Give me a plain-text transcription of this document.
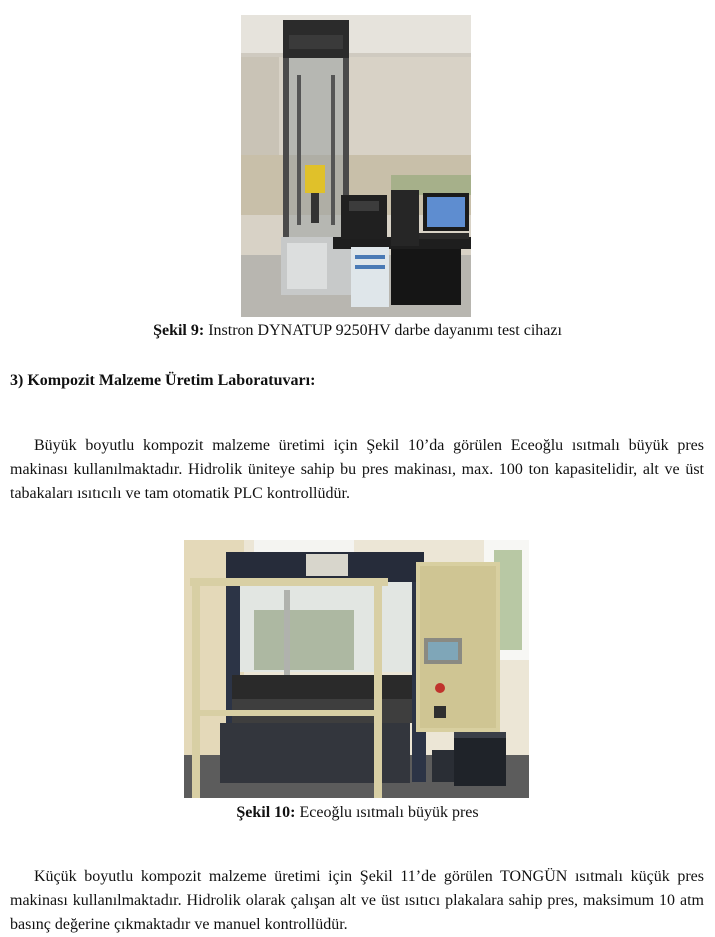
Şekil 9: Instron DYNATUP 9250HV darbe dayanımı test cihazı
3) Kompozit Malzeme Üretim Laboratuvarı:

Büyük boyutlu kompozit malzeme üretimi için Şekil 10’da görülen Eceoğlu ısıtmalı büyük pres makinası kullanılmaktadır. Hidrolik üniteye sahip bu pres makinası, max. 100 ton kapasitelidir, alt ve üst tabakaları ısıtıcılı ve tam otomatik PLC kontrollüdür.

Şekil 10: Eceoğlu ısıtmalı büyük pres

Küçük boyutlu kompozit malzeme üretimi için Şekil 11’de görülen TONGÜN ısıtmalı küçük pres makinası kullanılmaktadır. Hidrolik olarak çalışan alt ve üst ısıtıcı plakalara sahip pres, maksimum 10 atm basınç değerine çıkmaktadır ve manuel kontrollüdür.
